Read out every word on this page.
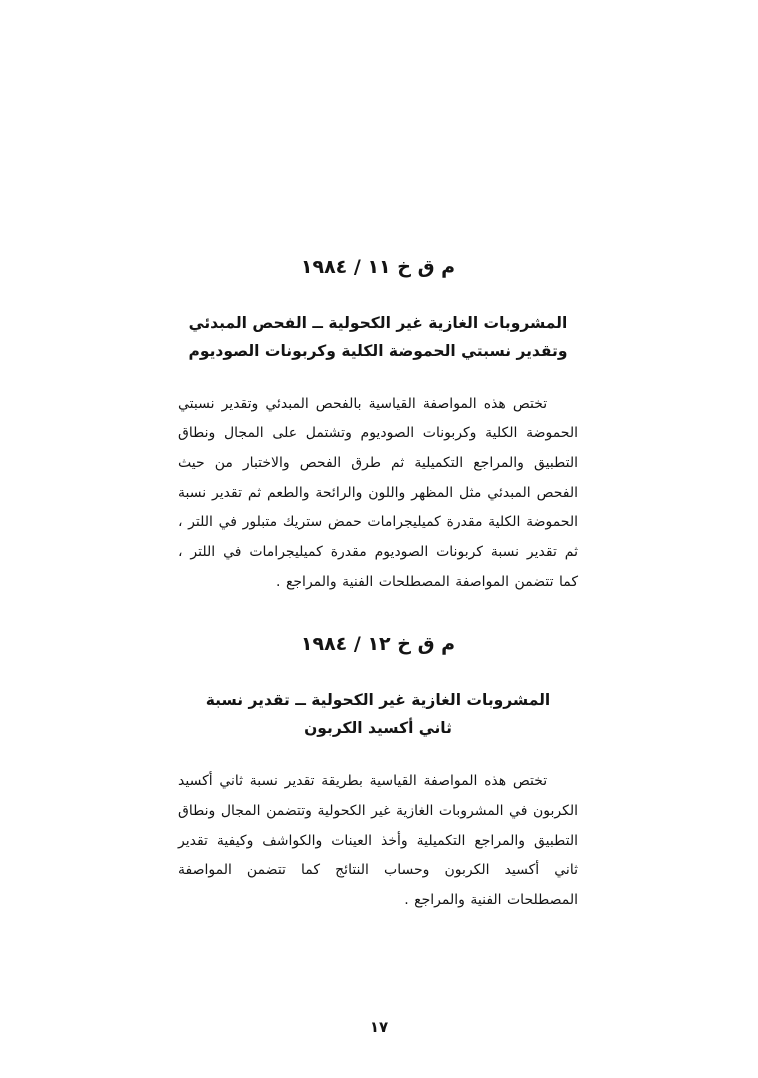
م ق خ ١١ / ١٩٨٤
المشروبات الغازية غير الكحولية ــ الفحص المبدئي وتقدير نسبتي الحموضة الكلية وكربونات الصوديوم

تختص هذه المواصفة القياسية بالفحص المبدئي وتقدير نسبتي الحموضة الكلية وكربونات الصوديوم وتشتمل على المجال ونطاق التطبيق والمراجع التكميلية ثم طرق الفحص والاختبار من حيث الفحص المبدئي مثل المظهر واللون والرائحة والطعم ثم تقدير نسبة الحموضة الكلية مقدرة كميليجرامات حمض ستريك متبلور في اللتر ، ثم تقدير نسبة كربونات الصوديوم مقدرة كميليجرامات في اللتر ، كما تتضمن المواصفة المصطلحات الفنية والمراجع .

م ق خ ١٢ / ١٩٨٤
المشروبات الغازية غير الكحولية ــ تقدير نسبة ثاني أكسيد الكربون

تختص هذه المواصفة القياسية بطريقة تقدير نسبة ثاني أكسيد الكربون في المشروبات الغازية غير الكحولية وتتضمن المجال ونطاق التطبيق والمراجع التكميلية وأخذ العينات والكواشف وكيفية تقدير ثاني أكسيد الكربون وحساب النتائج كما تتضمن المواصفة المصطلحات الفنية والمراجع .

١٧
